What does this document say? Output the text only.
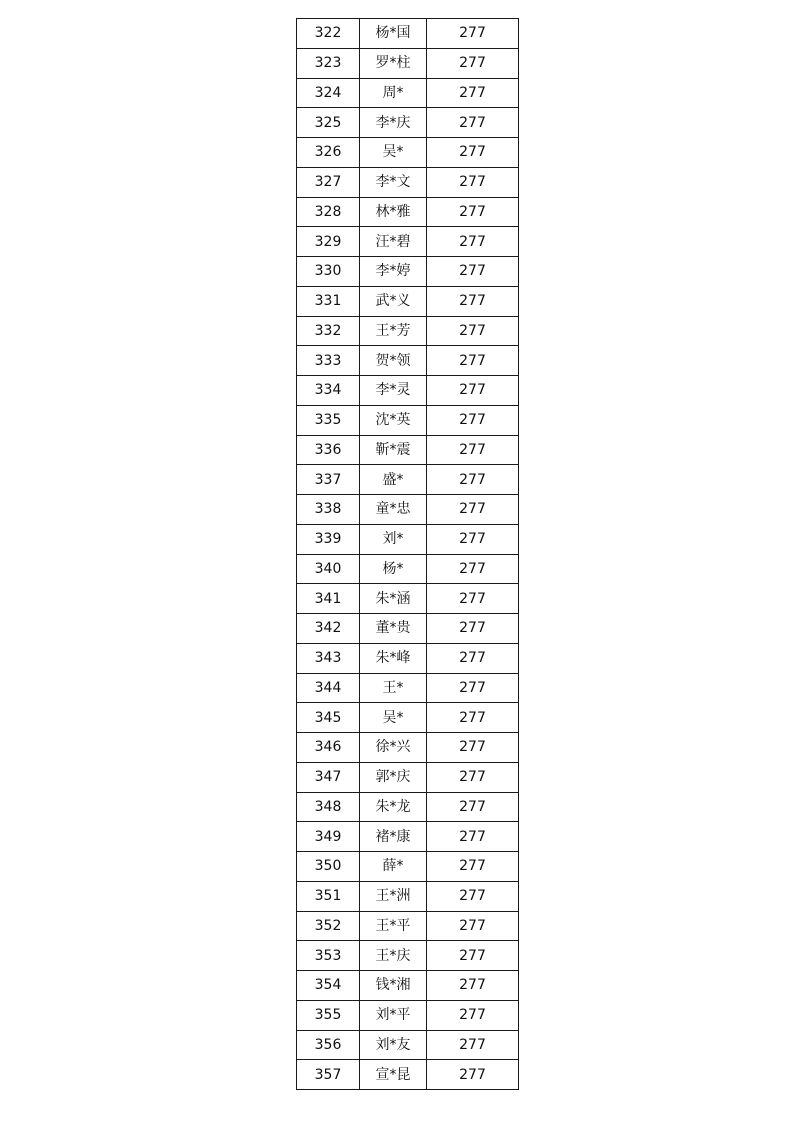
322	杨*国	277
323	罗*柱	277
324	周*	277
325	李*庆	277
326	吴*	277
327	李*文	277
328	林*雅	277
329	汪*碧	277
330	李*婷	277
331	武*义	277
332	王*芳	277
333	贺*领	277
334	李*灵	277
335	沈*英	277
336	靳*震	277
337	盛*	277
338	童*忠	277
339	刘*	277
340	杨*	277
341	朱*涵	277
342	董*贵	277
343	朱*峰	277
344	王*	277
345	吴*	277
346	徐*兴	277
347	郭*庆	277
348	朱*龙	277
349	褚*康	277
350	薛*	277
351	王*洲	277
352	王*平	277
353	王*庆	277
354	钱*湘	277
355	刘*平	277
356	刘*友	277
357	宣*昆	277
